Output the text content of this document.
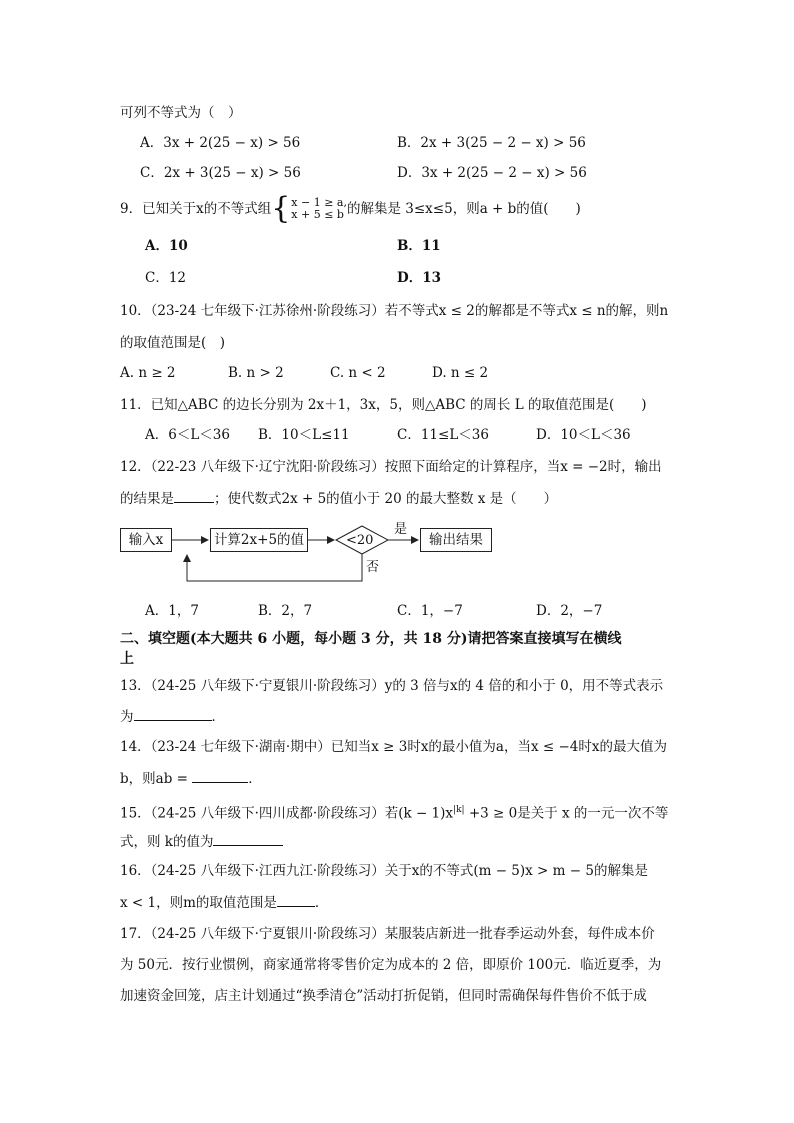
可列不等式为（　）
A．3x + 2(25 − x) > 56	B．2x + 3(25 − 2 − x) > 56
C．2x + 3(25 − x) > 56	D．3x + 2(25 − 2 − x) > 56
9．已知关于x的不等式组 { x − 1 ≥ a,
x + 5 ≤ b 的解集是 3≤x≤5，则a + b的值(　　)
A．10	B．11
C．12	D．13
10．（23-24 七年级下·江苏徐州·阶段练习）若不等式x ≤ 2的解都是不等式x ≤ n的解，则n
的取值范围是(　)
A. n ≥ 2	B. n > 2	C. n < 2	D. n ≤ 2
11．已知△ABC 的边长分别为 2x＋1，3x，5，则△ABC 的周长 L 的取值范围是(　　)
A．6＜L＜36 B．10＜L≤11	C．11≤L＜36	D．10＜L＜36
12．（22-23 八年级下·辽宁沈阳·阶段练习）按照下面给定的计算程序，当x = −2时，输出
的结果是	；使代数式2x + 5的值小于 20 的最大整数 x 是（　　）
输入x	计算2x+5的值	<20	输出结果
是
否
A．1，7	B．2，7	C．1，−7	D．2，−7
二、填空题(本大题共 6 小题，每小题 3 分，共 18 分)请把答案直接填写在横线
上
13．（24-25 八年级下·宁夏银川·阶段练习）y的 3 倍与x的 4 倍的和小于 0，用不等式表示
为	．
14．（23-24 七年级下·湖南·期中）已知当x ≥ 3时x的最小值为a，当x ≤ −4时x的最大值为
b，则ab =	．
15．（24-25 八年级下·四川成都·阶段练习）若$(k - 1)x^{|k|} +3 \ge 0$是关于 x 的一元一次不等
式，则 k的值为
16．（24-25 八年级下·江西九江·阶段练习）关于x的不等式(m − 5)x > m − 5的解集是
x < 1，则m的取值范围是	．
17．（24-25 八年级下·宁夏银川·阶段练习）某服装店新进一批春季运动外套，每件成本价
为 50元．按行业惯例，商家通常将零售价定为成本的 2 倍，即原价 100元．临近夏季，为
加速资金回笼，店主计划通过“换季清仓”活动打折促销，但同时需确保每件售价不低于成
